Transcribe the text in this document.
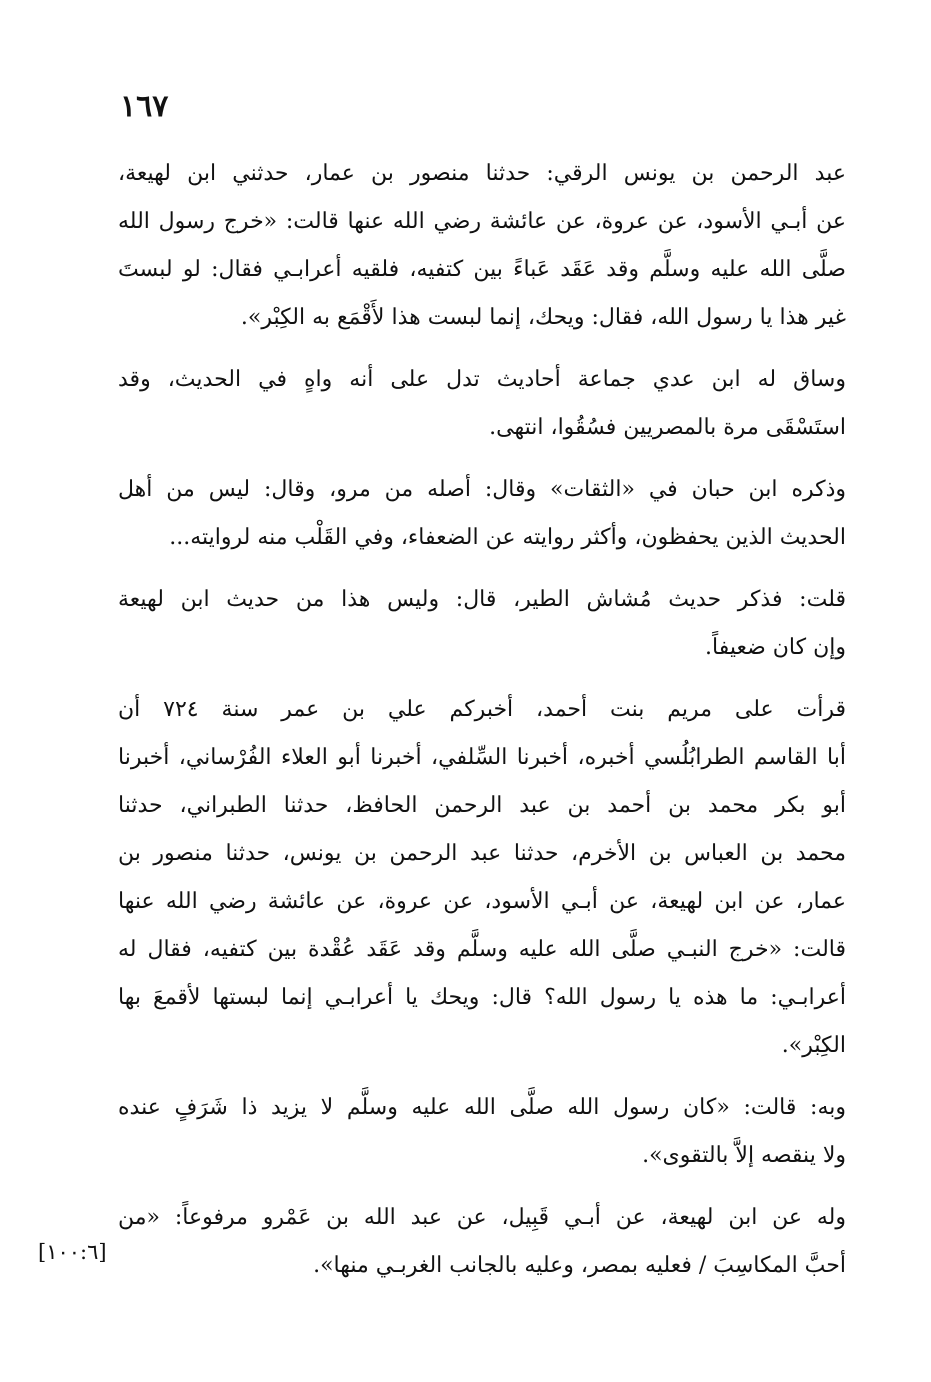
١٦٧
عبد الرحمن بن يونس الرقي: حدثنا منصور بن عمار، حدثني ابن لهيعة،
عن أبـي الأسود، عن عروة، عن عائشة رضي الله عنها قالت: «خرج رسول الله
صلَّى الله عليه وسلَّم وقد عَقَد عَباءً بين كتفيه، فلقيه أعرابـي فقال: لو لبستَ
غير هذا يا رسول الله، فقال: ويحك، إنما لبست هذا لأَقْمَع به الكِبْر».
وساق له ابن عدي جماعة أحاديث تدل على أنه واهٍ في الحديث، وقد
استَسْقَى مرة بالمصريين فسُقُوا، انتهى.
وذكره ابن حبان في «الثقات» وقال: أصله من مرو، وقال: ليس من أهل
الحديث الذين يحفظون، وأكثر روايته عن الضعفاء، وفي القَلْب منه لروايته...
قلت: فذكر حديث مُشاش الطير، قال: وليس هذا من حديث ابن لهيعة
وإن كان ضعيفاً.
قرأت على مريم بنت أحمد، أخبركم علي بن عمر سنة ٧٢٤ أن
أبا القاسم الطرابُلُسي أخبره، أخبرنا السِّلفي، أخبرنا أبو العلاء الفُرْساني، أخبرنا
أبو بكر محمد بن أحمد بن عبد الرحمن الحافظ، حدثنا الطبراني، حدثنا
محمد بن العباس بن الأخرم، حدثنا عبد الرحمن بن يونس، حدثنا منصور بن
عمار، عن ابن لهيعة، عن أبـي الأسود، عن عروة، عن عائشة رضي الله عنها
قالت: «خرج النبـي صلَّى الله عليه وسلَّم وقد عَقَد عُقْدة بين كتفيه، فقال له
أعرابـي: ما هذه يا رسول الله؟ قال: ويحك يا أعرابـي إنما لبستها لأقمعَ بها
الكِبْر».
وبه: قالت: «كان رسول الله صلَّى الله عليه وسلَّم لا يزيد ذا شَرَفٍ عنده
ولا ينقصه إلاَّ بالتقوى».
وله عن ابن لهيعة، عن أبـي قَبِيل، عن عبد الله بن عَمْرو مرفوعاً: «من
أحبَّ المكاسِبَ / فعليه بمصر، وعليه بالجانب الغربـي منها».
[١٠٠:٦]
